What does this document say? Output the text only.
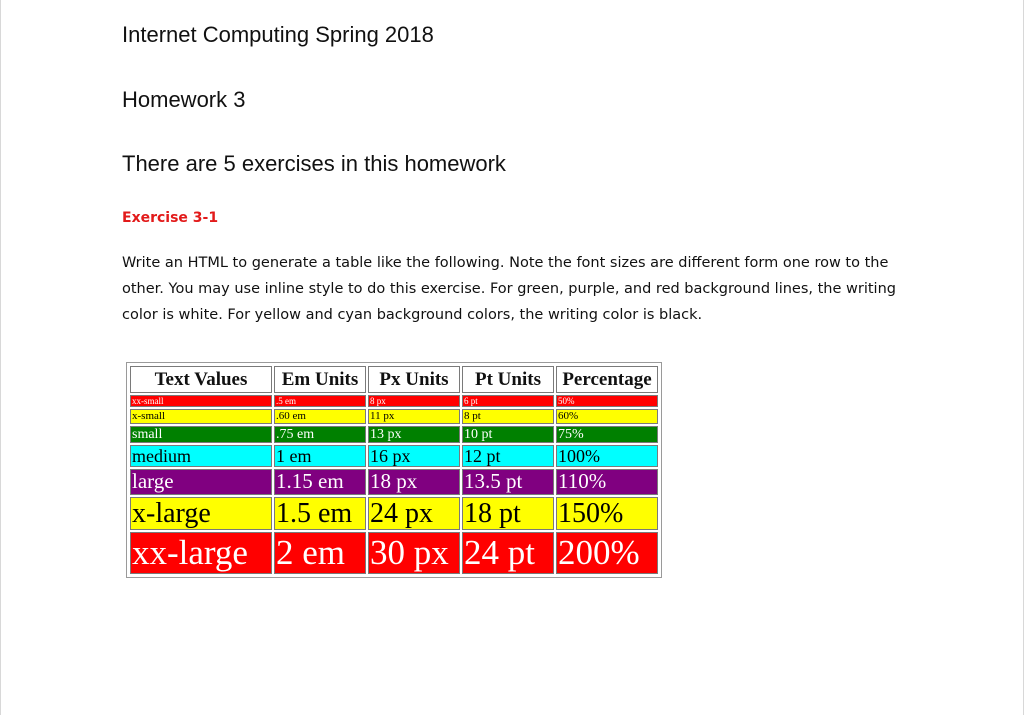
Internet Computing Spring 2018
Homework 3
There are 5 exercises in this homework
Exercise 3-1

Write an HTML to generate a table like the following. Note the font sizes are different form one row to the other. You may use inline style to do this exercise. For green, purple, and red background lines, the writing color is white. For yellow and cyan background colors, the writing color is black.

Text Values	Em Units	Px Units	Pt Units	Percentage
xx-small	.5 em	8 px	6 pt	50%
x-small	.60 em	11 px	8 pt	60%
small	.75 em	13 px	10 pt	75%
medium	1 em	16 px	12 pt	100%
large	1.15 em	18 px	13.5 pt	110%
x-large	1.5 em	24 px	18 pt	150%
xx-large	2 em	30 px	24 pt	200%
